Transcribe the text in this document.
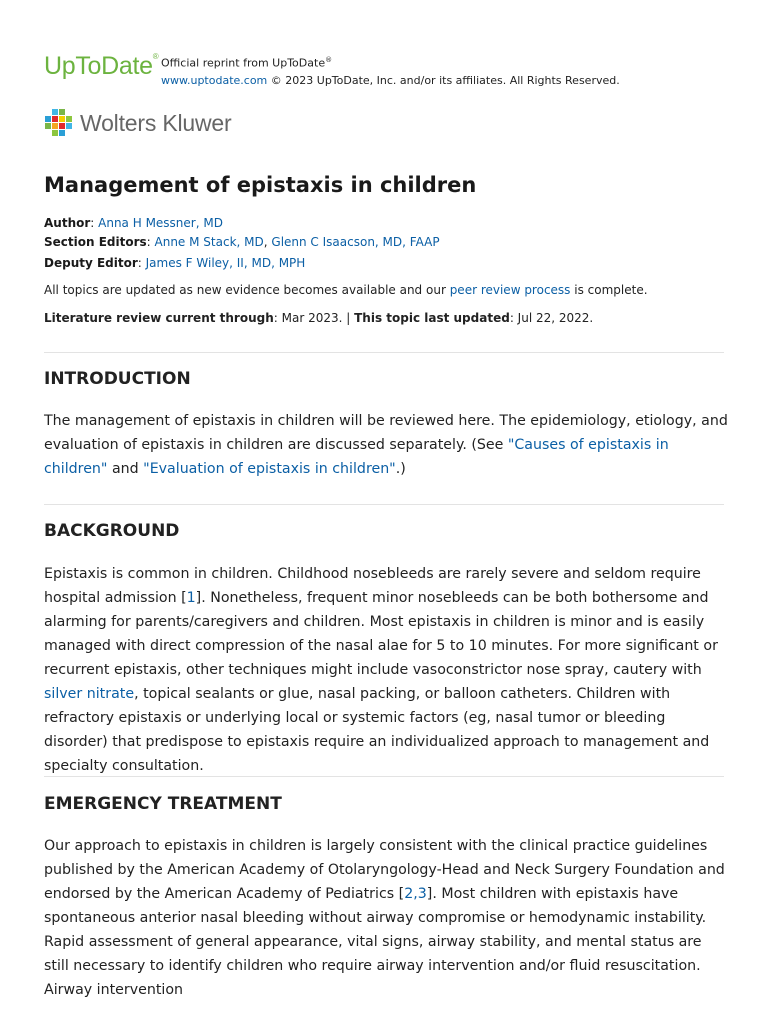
UpToDate®
Official reprint from UpToDate®
www.uptodate.com © 2023 UpToDate, Inc. and/or its affiliates. All Rights Reserved.
Wolters Kluwer
Management of epistaxis in children
Author: Anna H Messner, MD
Section Editors: Anne M Stack, MD, Glenn C Isaacson, MD, FAAP
Deputy Editor: James F Wiley, II, MD, MPH
All topics are updated as new evidence becomes available and our peer review process is complete.
Literature review current through: Mar 2023. | This topic last updated: Jul 22, 2022.
INTRODUCTION

The management of epistaxis in children will be reviewed here. The epidemiology, etiology, and evaluation of epistaxis in children are discussed separately. (See "Causes of epistaxis in children" and "Evaluation of epistaxis in children".)

BACKGROUND

Epistaxis is common in children. Childhood nosebleeds are rarely severe and seldom require hospital admission [1]. Nonetheless, frequent minor nosebleeds can be both bothersome and alarming for parents/caregivers and children. Most epistaxis in children is minor and is easily managed with direct compression of the nasal alae for 5 to 10 minutes. For more significant or recurrent epistaxis, other techniques might include vasoconstrictor nose spray, cautery with silver nitrate, topical sealants or glue, nasal packing, or balloon catheters. Children with refractory epistaxis or underlying local or systemic factors (eg, nasal tumor or bleeding disorder) that predispose to epistaxis require an individualized approach to management and specialty consultation.

EMERGENCY TREATMENT

Our approach to epistaxis in children is largely consistent with the clinical practice guidelines published by the American Academy of Otolaryngology-Head and Neck Surgery Foundation and endorsed by the American Academy of Pediatrics [2,3]. Most children with epistaxis have spontaneous anterior nasal bleeding without airway compromise or hemodynamic instability. Rapid assessment of general appearance, vital signs, airway stability, and mental status are still necessary to identify children who require airway intervention and/or fluid resuscitation. Airway intervention
